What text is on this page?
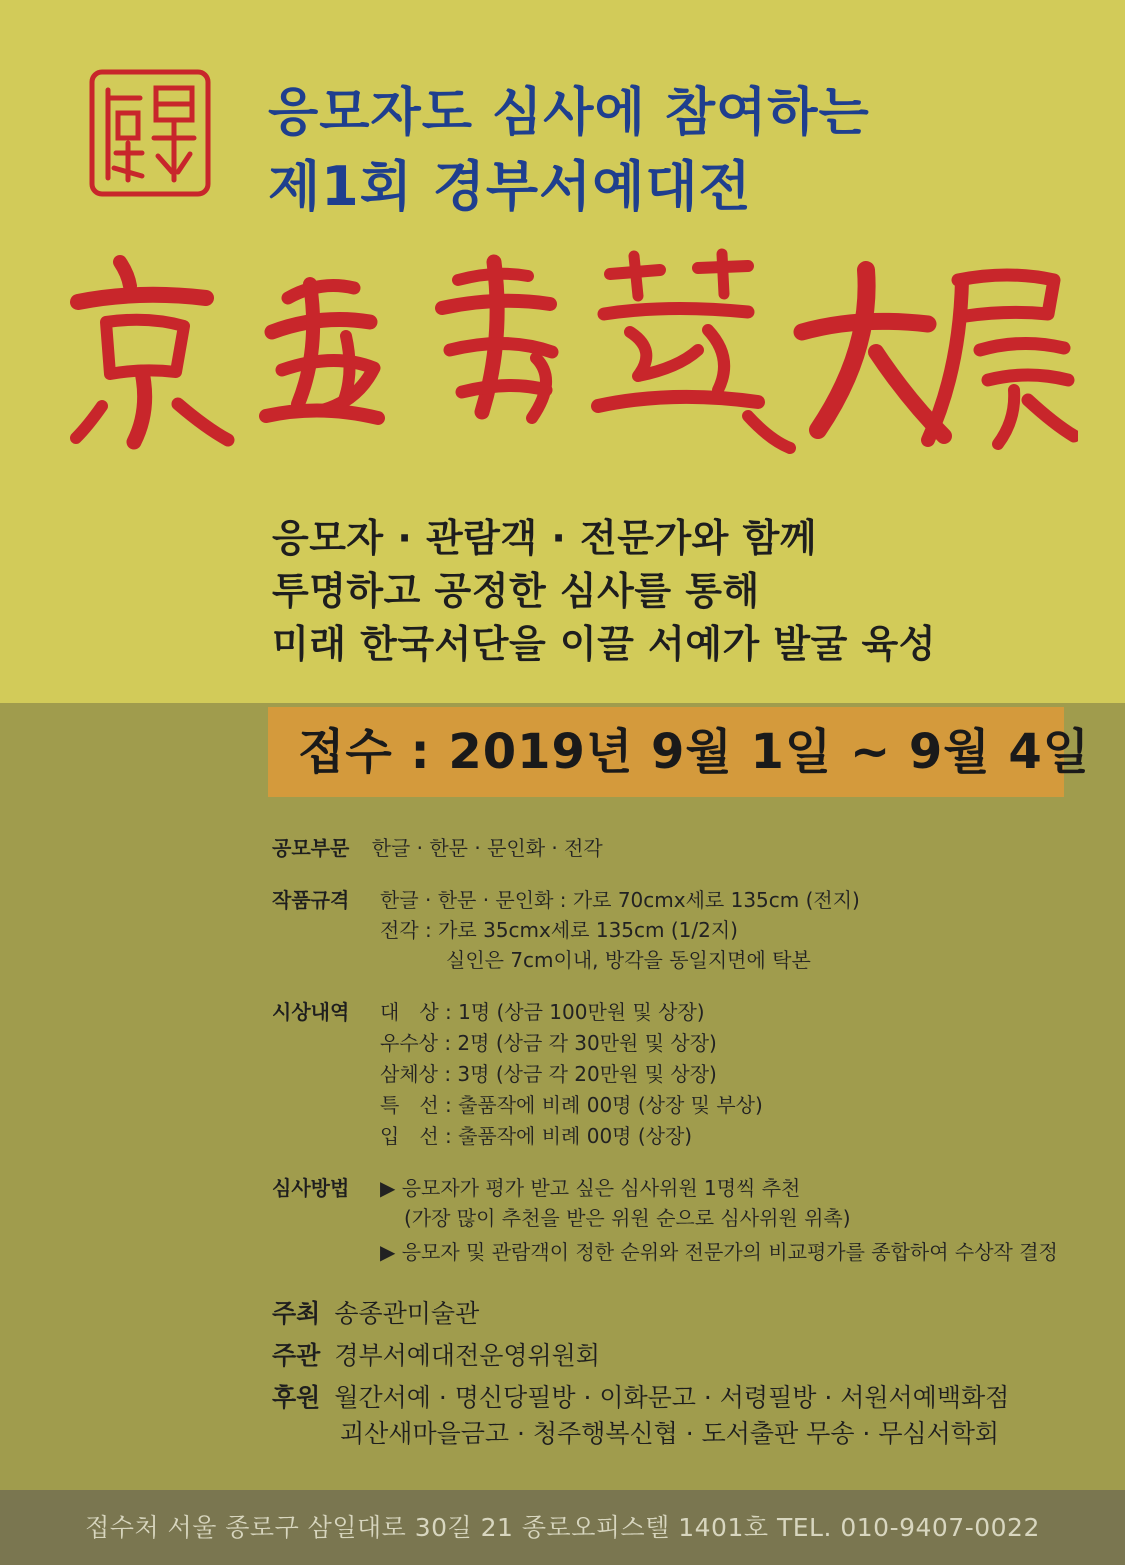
응모자도 심사에 참여하는
제1회 경부서예대전
응모자 · 관람객 · 전문가와 함께
투명하고 공정한 심사를 통해
미래 한국서단을 이끌 서예가 발굴 육성
접수 : 2019년 9월 1일 ~ 9월 4일
공모부문 한글 · 한문 · 문인화 · 전각
작품규격 한글 · 한문 · 문인화 : 가로 70cmx세로 135cm (전지)
전각 : 가로 35cmx세로 135cm (1/2지)
실인은 7cm이내, 방각을 동일지면에 탁본
시상내역 대　상 : 1명 (상금 100만원 및 상장)
우수상 : 2명 (상금 각 30만원 및 상장)
삼체상 : 3명 (상금 각 20만원 및 상장)
특　선 : 출품작에 비례 00명 (상장 및 부상)
입　선 : 출품작에 비례 00명 (상장)
심사방법 ▶ 응모자가 평가 받고 싶은 심사위원 1명씩 추천
(가장 많이 추천을 받은 위원 순으로 심사위원 위촉)
▶ 응모자 및 관람객이 정한 순위와 전문가의 비교평가를 종합하여 수상작 결정
주최 송종관미술관
주관 경부서예대전운영위원회
후원 월간서예 · 명신당필방 · 이화문고 · 서령필방 · 서원서예백화점
괴산새마을금고 · 청주행복신협 · 도서출판 무송 · 무심서학회
접수처 서울 종로구 삼일대로 30길 21 종로오피스텔 1401호 TEL. 010-9407-0022
